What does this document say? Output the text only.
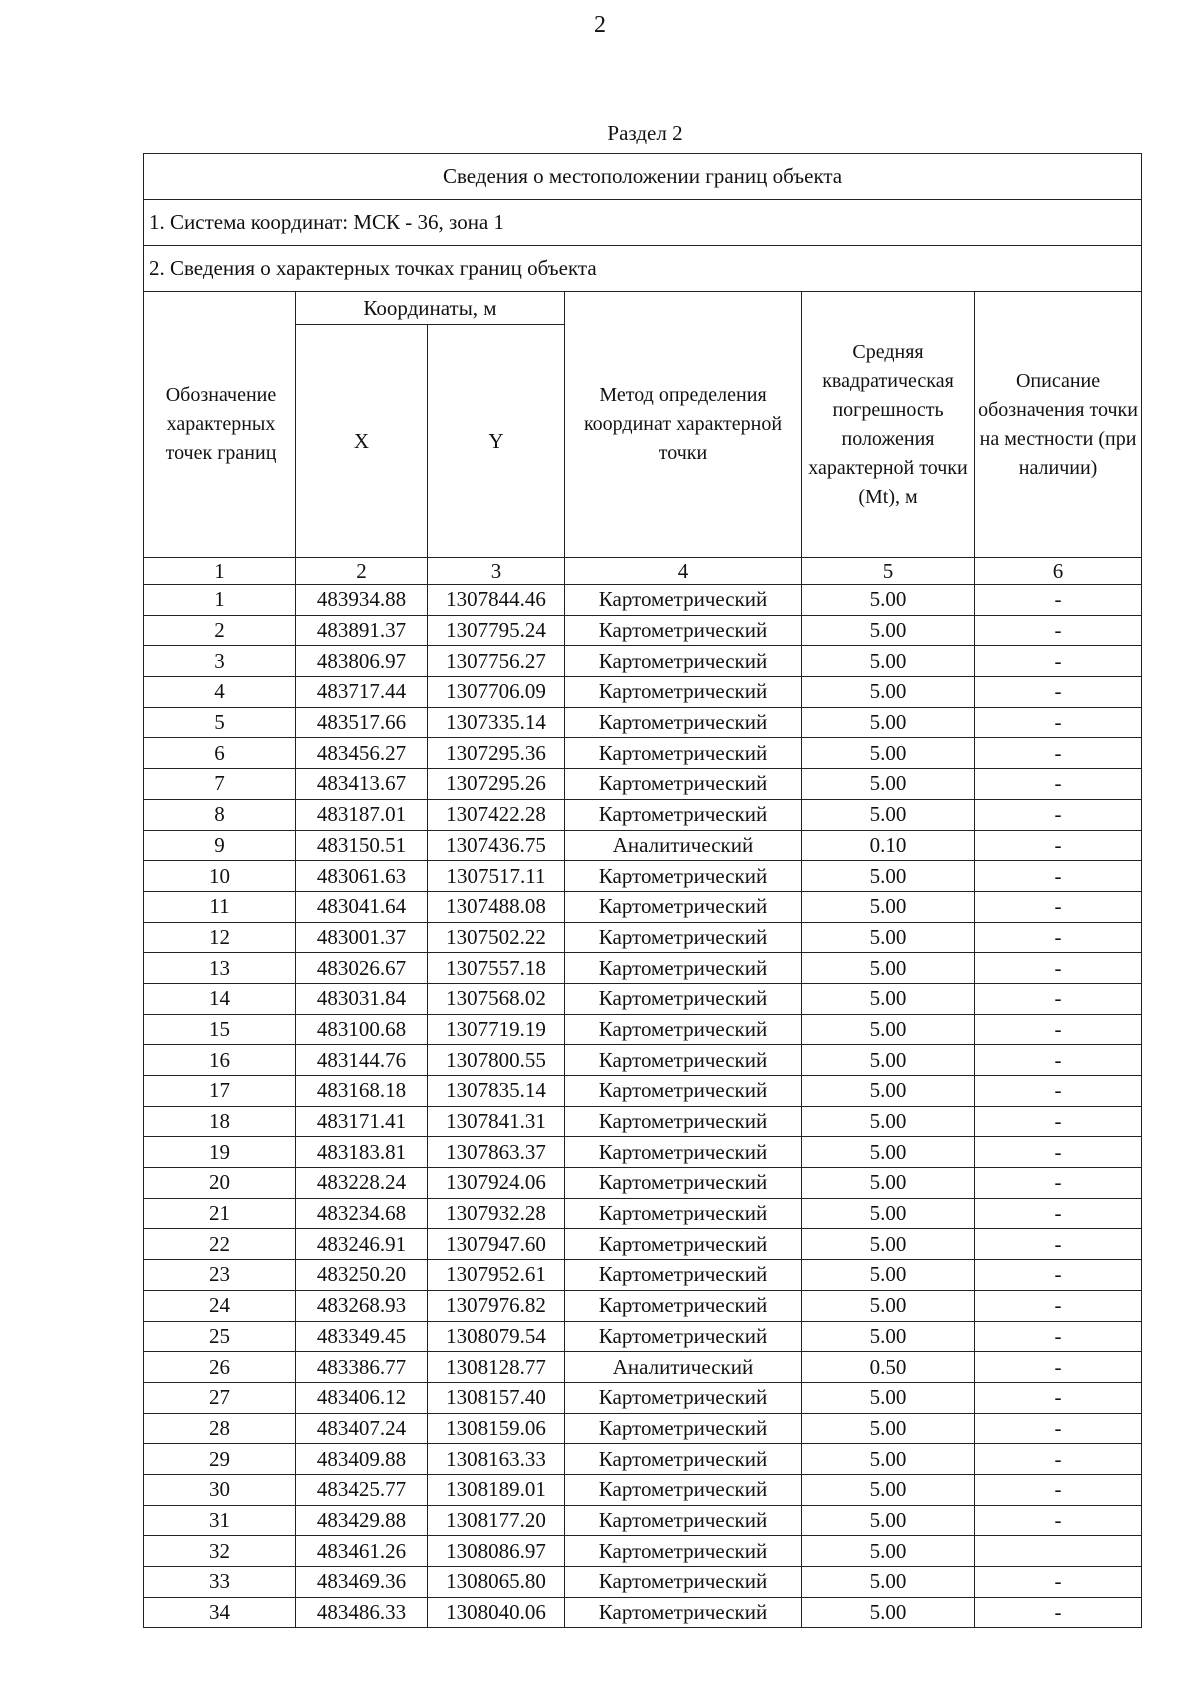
2
Раздел 2
Сведения о местоположении границ объекта					
1. Система координат: МСК - 36, зона 1					
2. Сведения о характерных точках границ объекта					
Обозначение характерных точек границ	Координаты, м		Метод определения координат характерной точки	Средняя квадратическая погрешность положения характерной точки (Mt), м	Описание обозначения точки на местности (при наличии)
	X	Y			
1	2	3	4	5	6
1	483934.88	1307844.46	Картометрический	5.00	-
2	483891.37	1307795.24	Картометрический	5.00	-
3	483806.97	1307756.27	Картометрический	5.00	-
4	483717.44	1307706.09	Картометрический	5.00	-
5	483517.66	1307335.14	Картометрический	5.00	-
6	483456.27	1307295.36	Картометрический	5.00	-
7	483413.67	1307295.26	Картометрический	5.00	-
8	483187.01	1307422.28	Картометрический	5.00	-
9	483150.51	1307436.75	Аналитический	0.10	-
10	483061.63	1307517.11	Картометрический	5.00	-
11	483041.64	1307488.08	Картометрический	5.00	-
12	483001.37	1307502.22	Картометрический	5.00	-
13	483026.67	1307557.18	Картометрический	5.00	-
14	483031.84	1307568.02	Картометрический	5.00	-
15	483100.68	1307719.19	Картометрический	5.00	-
16	483144.76	1307800.55	Картометрический	5.00	-
17	483168.18	1307835.14	Картометрический	5.00	-
18	483171.41	1307841.31	Картометрический	5.00	-
19	483183.81	1307863.37	Картометрический	5.00	-
20	483228.24	1307924.06	Картометрический	5.00	-
21	483234.68	1307932.28	Картометрический	5.00	-
22	483246.91	1307947.60	Картометрический	5.00	-
23	483250.20	1307952.61	Картометрический	5.00	-
24	483268.93	1307976.82	Картометрический	5.00	-
25	483349.45	1308079.54	Картометрический	5.00	-
26	483386.77	1308128.77	Аналитический	0.50	-
27	483406.12	1308157.40	Картометрический	5.00	-
28	483407.24	1308159.06	Картометрический	5.00	-
29	483409.88	1308163.33	Картометрический	5.00	-
30	483425.77	1308189.01	Картометрический	5.00	-
31	483429.88	1308177.20	Картометрический	5.00	-
32	483461.26	1308086.97	Картометрический	5.00	
33	483469.36	1308065.80	Картометрический	5.00	-
34	483486.33	1308040.06	Картометрический	5.00	-
